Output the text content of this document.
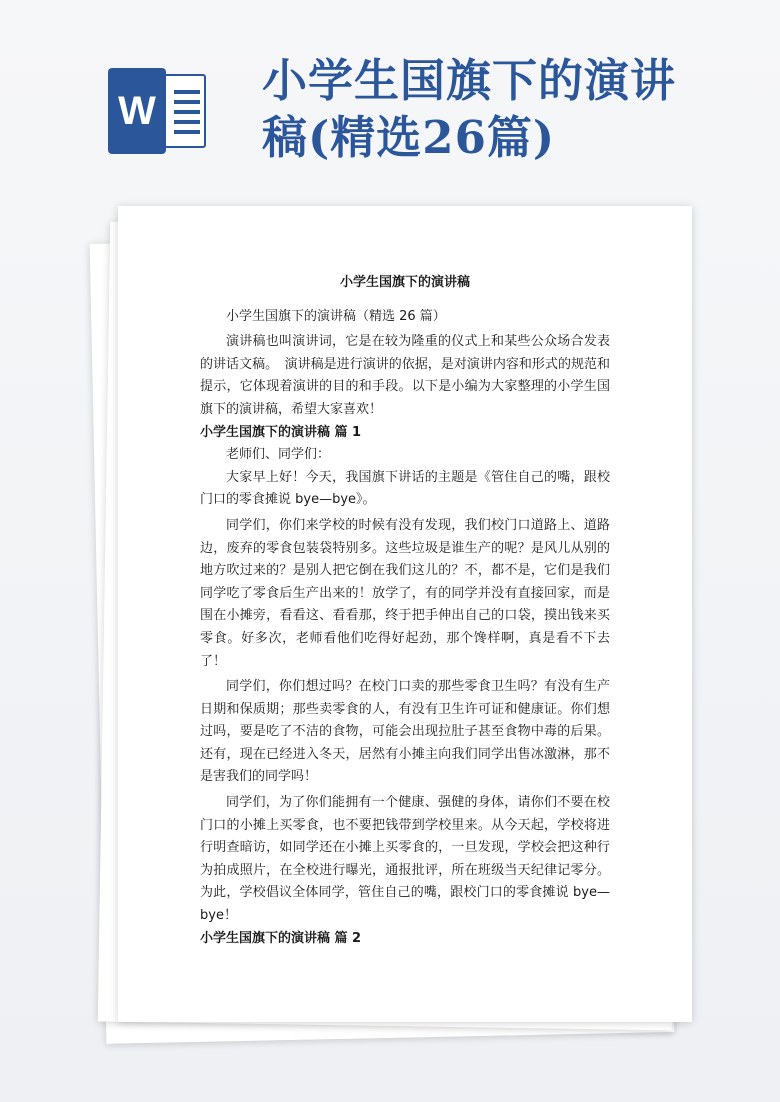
W
小学生国旗下的演讲稿(精选26篇)
小学生国旗下的演讲稿
小学生国旗下的演讲稿（精选 26 篇）
演讲稿也叫演讲词，它是在较为隆重的仪式上和某些公众场合发表的讲话文稿。　演讲稿是进行演讲的依据，是对演讲内容和形式的规范和提示，它体现着演讲的目的和手段。以下是小编为大家整理的小学生国旗下的演讲稿，希望大家喜欢！
小学生国旗下的演讲稿 篇 1
老师们、同学们：
大家早上好！今天，我国旗下讲话的主题是《管住自己的嘴，跟校门口的零食摊说 bye—bye》。
同学们，你们来学校的时候有没有发现，我们校门口道路上、道路边，废弃的零食包装袋特别多。这些垃圾是谁生产的呢？是风儿从别的地方吹过来的？是别人把它倒在我们这儿的？不，都不是，它们是我们同学吃了零食后生产出来的！放学了，有的同学并没有直接回家，而是围在小摊旁，看看这、看看那，终于把手伸出自己的口袋，摸出钱来买零食。好多次，老师看他们吃得好起劲，那个馋样啊，真是看不下去了！
同学们，你们想过吗？在校门口卖的那些零食卫生吗？有没有生产日期和保质期；那些卖零食的人，有没有卫生许可证和健康证。你们想过吗，要是吃了不洁的食物，可能会出现拉肚子甚至食物中毒的后果。还有，现在已经进入冬天，居然有小摊主向我们同学出售冰激淋，那不是害我们的同学吗！
同学们，为了你们能拥有一个健康、强健的身体，请你们不要在校门口的小摊上买零食，也不要把钱带到学校里来。从今天起，学校将进行明查暗访，如同学还在小摊上买零食的，一旦发现，学校会把这种行为拍成照片，在全校进行曝光，通报批评，所在班级当天纪律记零分。为此，学校倡议全体同学，管住自己的嘴，跟校门口的零食摊说 bye—bye！
小学生国旗下的演讲稿 篇 2
